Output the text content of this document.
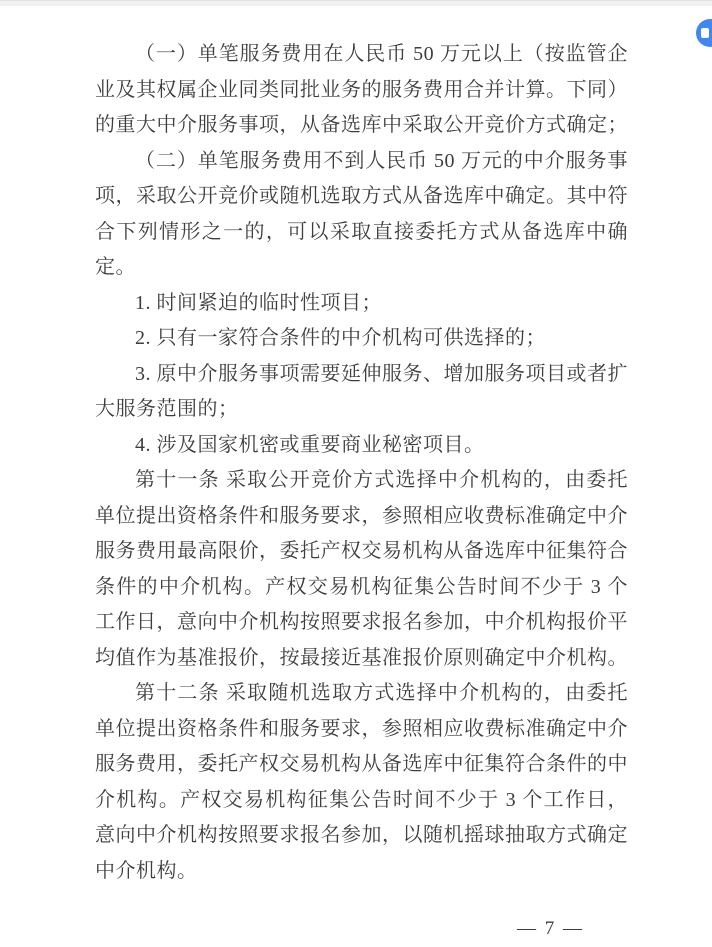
（一）单笔服务费用在人民币 50 万元以上（按监管企业及其权属企业同类同批业务的服务费用合并计算。下同）的重大中介服务事项，从备选库中采取公开竞价方式确定；

（二）单笔服务费用不到人民币 50 万元的中介服务事项，采取公开竞价或随机选取方式从备选库中确定。其中符合下列情形之一的，可以采取直接委托方式从备选库中确定。

1. 时间紧迫的临时性项目；

2. 只有一家符合条件的中介机构可供选择的；

3. 原中介服务事项需要延伸服务、增加服务项目或者扩大服务范围的；

4. 涉及国家机密或重要商业秘密项目。

第十一条 采取公开竞价方式选择中介机构的，由委托单位提出资格条件和服务要求，参照相应收费标准确定中介服务费用最高限价，委托产权交易机构从备选库中征集符合条件的中介机构。产权交易机构征集公告时间不少于 3 个工作日，意向中介机构按照要求报名参加，中介机构报价平均值作为基准报价，按最接近基准报价原则确定中介机构。

第十二条 采取随机选取方式选择中介机构的，由委托单位提出资格条件和服务要求，参照相应收费标准确定中介服务费用，委托产权交易机构从备选库中征集符合条件的中介机构。产权交易机构征集公告时间不少于 3 个工作日，意向中介机构按照要求报名参加，以随机摇球抽取方式确定中介机构。

— 7 —
